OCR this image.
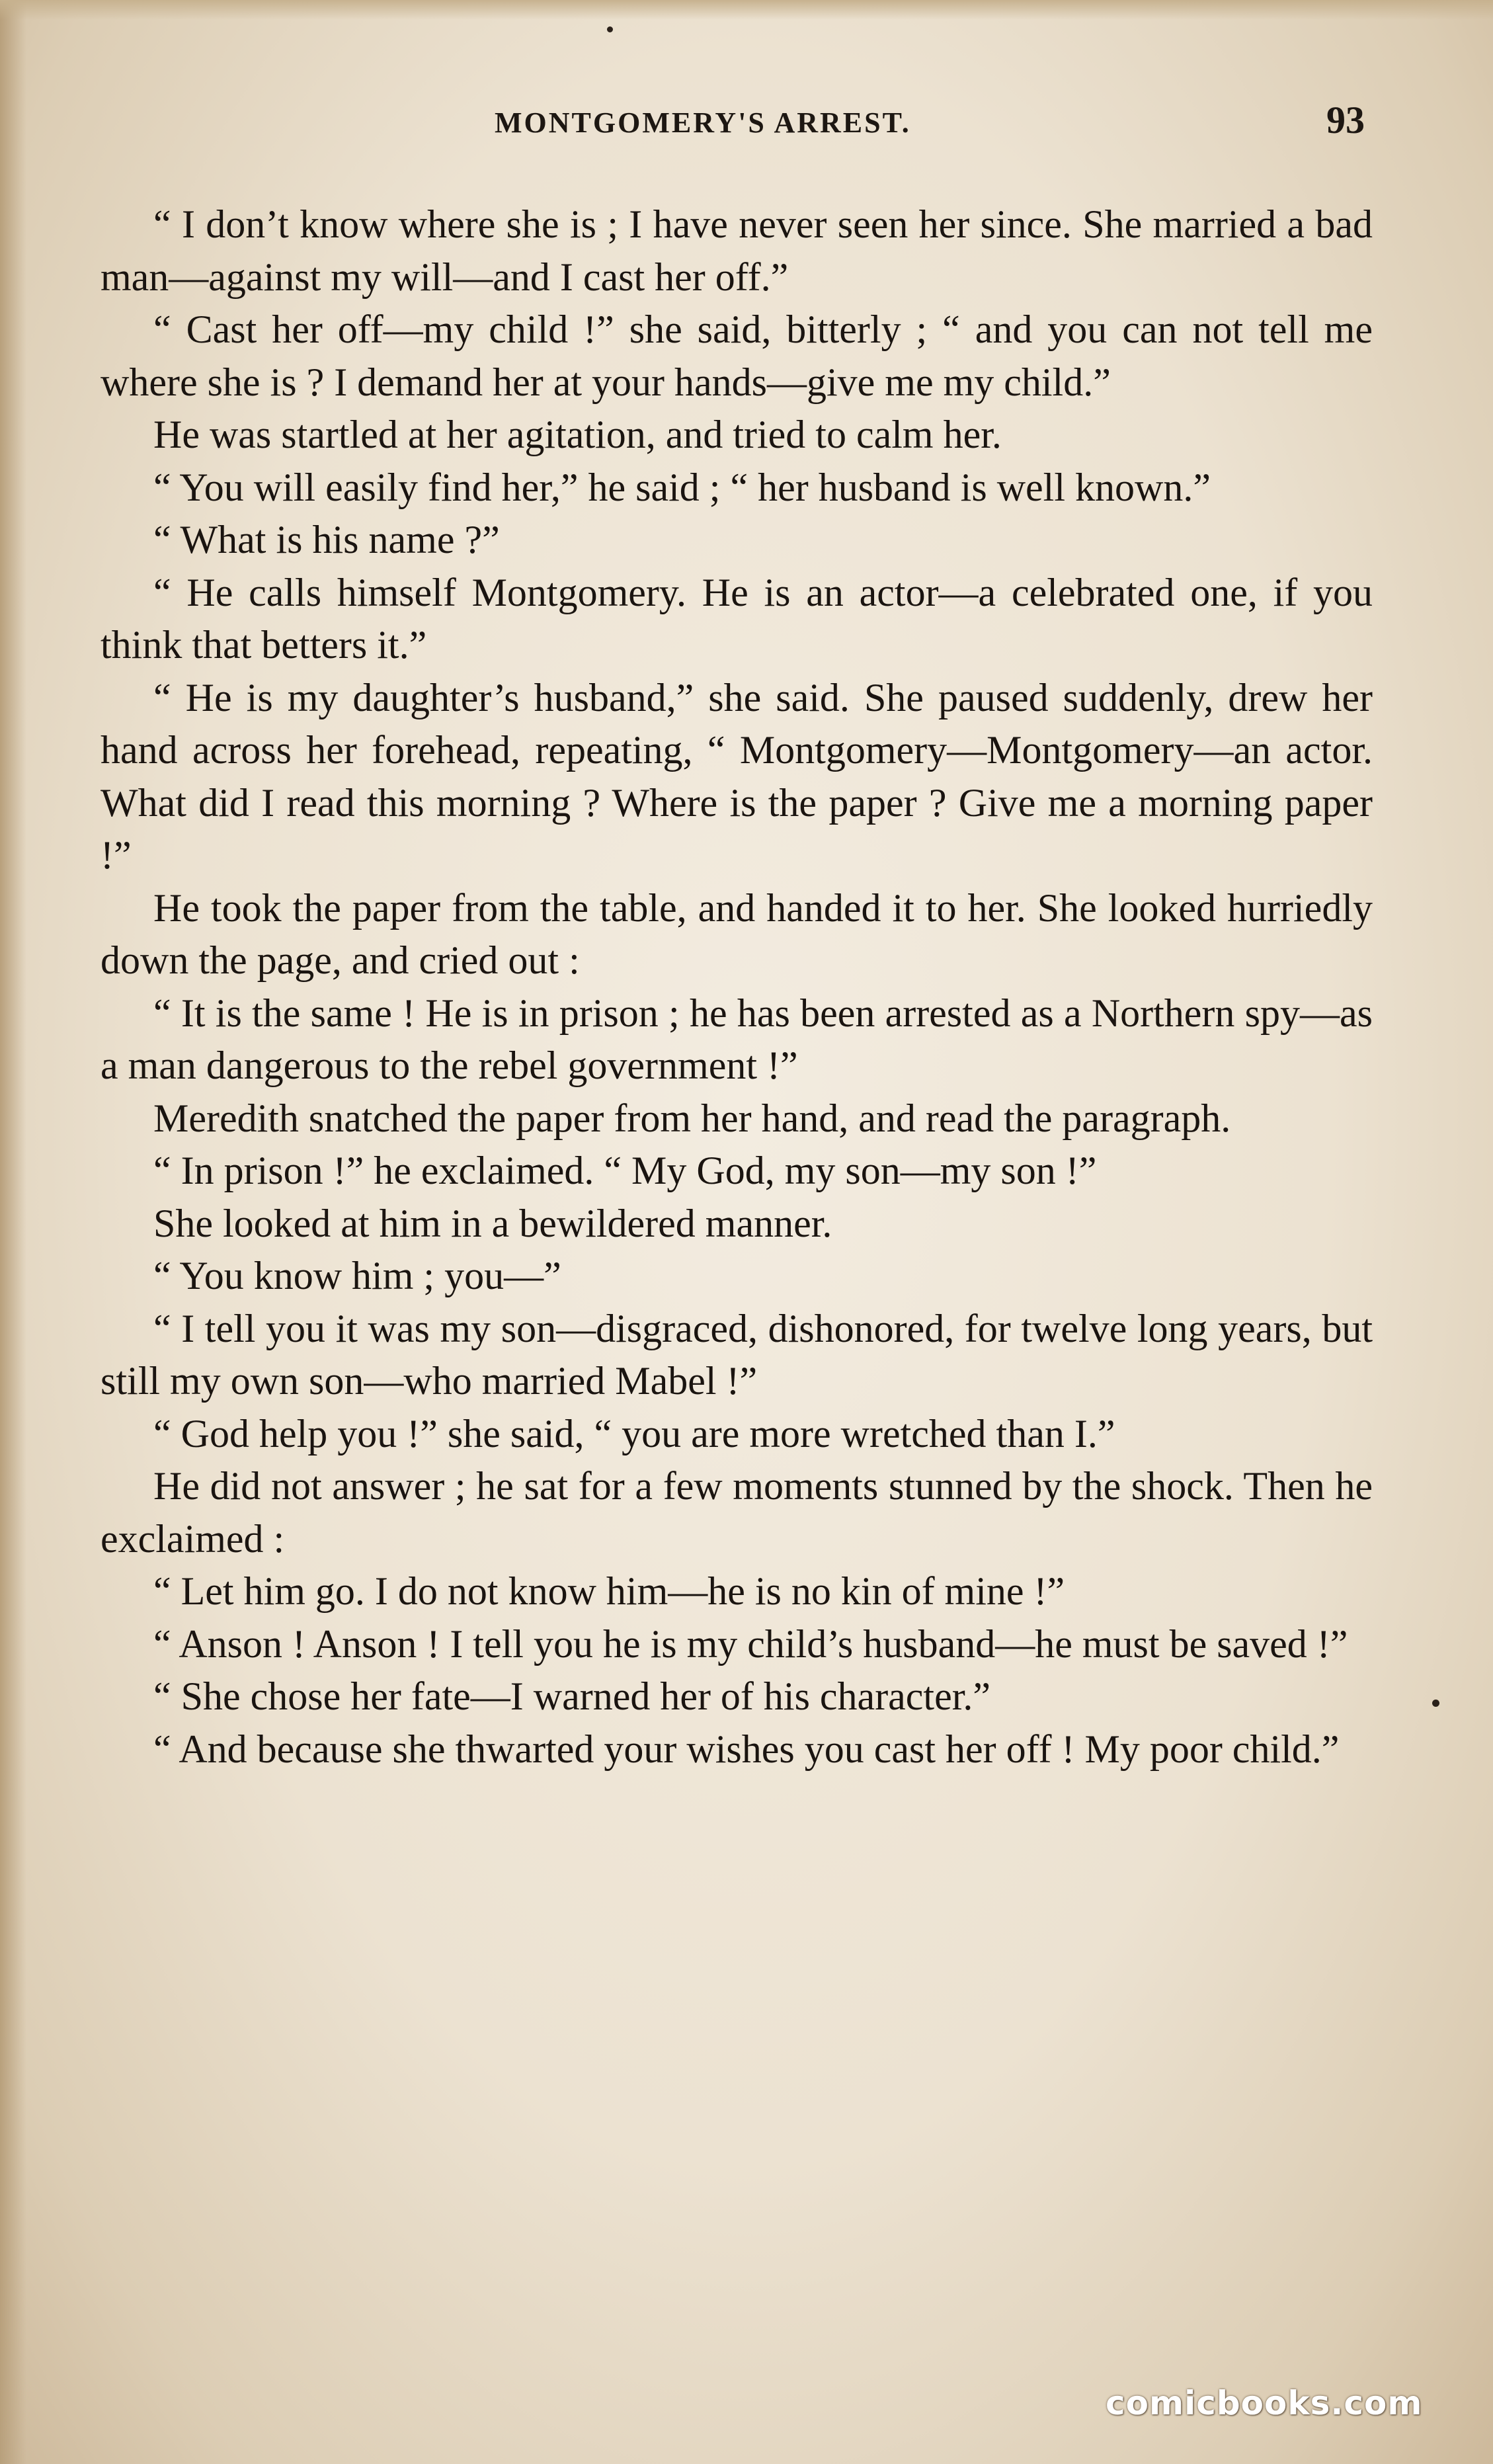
MONTGOMERY'S ARREST.	93

“ I don’t know where she is ; I have never seen her since. She married a bad man—against my will—and I cast her off.”

“ Cast her off—my child !” she said, bitterly ; “ and you can not tell me where she is ? I demand her at your hands—give me my child.”

He was startled at her agitation, and tried to calm her.

“ You will easily find her,” he said ; “ her husband is well known.”

“ What is his name ?”

“ He calls himself Montgomery. He is an actor—a celebrated one, if you think that betters it.”

“ He is my daughter’s husband,” she said. She paused suddenly, drew her hand across her forehead, repeating, “ Montgomery—Montgomery—an actor. What did I read this morning ? Where is the paper ? Give me a morning paper !”

He took the paper from the table, and handed it to her. She looked hurriedly down the page, and cried out :

“ It is the same ! He is in prison ; he has been arrested as a Northern spy—as a man dangerous to the rebel government !”

Meredith snatched the paper from her hand, and read the paragraph.

“ In prison !” he exclaimed. “ My God, my son—my son !”

She looked at him in a bewildered manner.

“ You know him ; you—”

“ I tell you it was my son—disgraced, dishonored, for twelve long years, but still my own son—who married Mabel !”

“ God help you !” she said, “ you are more wretched than I.”

He did not answer ; he sat for a few moments stunned by the shock. Then he exclaimed :

“ Let him go. I do not know him—he is no kin of mine !”

“ Anson ! Anson ! I tell you he is my child’s husband—he must be saved !”

“ She chose her fate—I warned her of his character.”

“ And because she thwarted your wishes you cast her off ! My poor child.”

comicbooks.com
